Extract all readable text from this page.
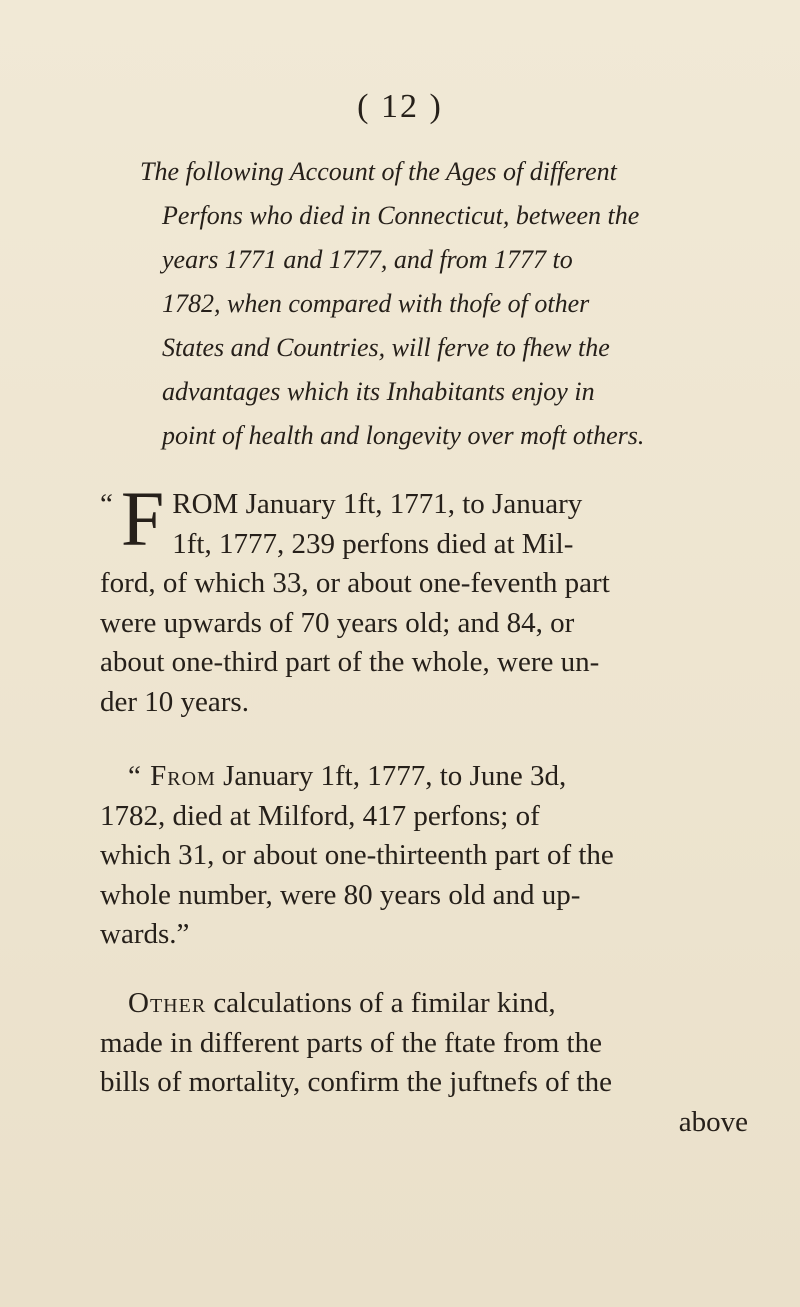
( 12 )
The following Account of the Ages of different
Perfons who died in Connecticut, between the
years 1771 and 1777, and from 1777 to
1782, when compared with thofe of other
States and Countries, will ferve to fhew the
advantages which its Inhabitants enjoy in
point of health and longevity over moft others.
“ F ROM January 1ft, 1771, to January
1ft, 1777, 239 perfons died at Mil-
ford, of which 33, or about one-feventh part
were upwards of 70 years old; and 84, or
about one-third part of the whole, were un-
der 10 years.
“ From January 1ft, 1777, to June 3d,
1782, died at Milford, 417 perfons; of
which 31, or about one-thirteenth part of the
whole number, were 80 years old and up-
wards.”
Other calculations of a fimilar kind,
made in different parts of the ftate from the
bills of mortality, confirm the juftnefs of the
above
